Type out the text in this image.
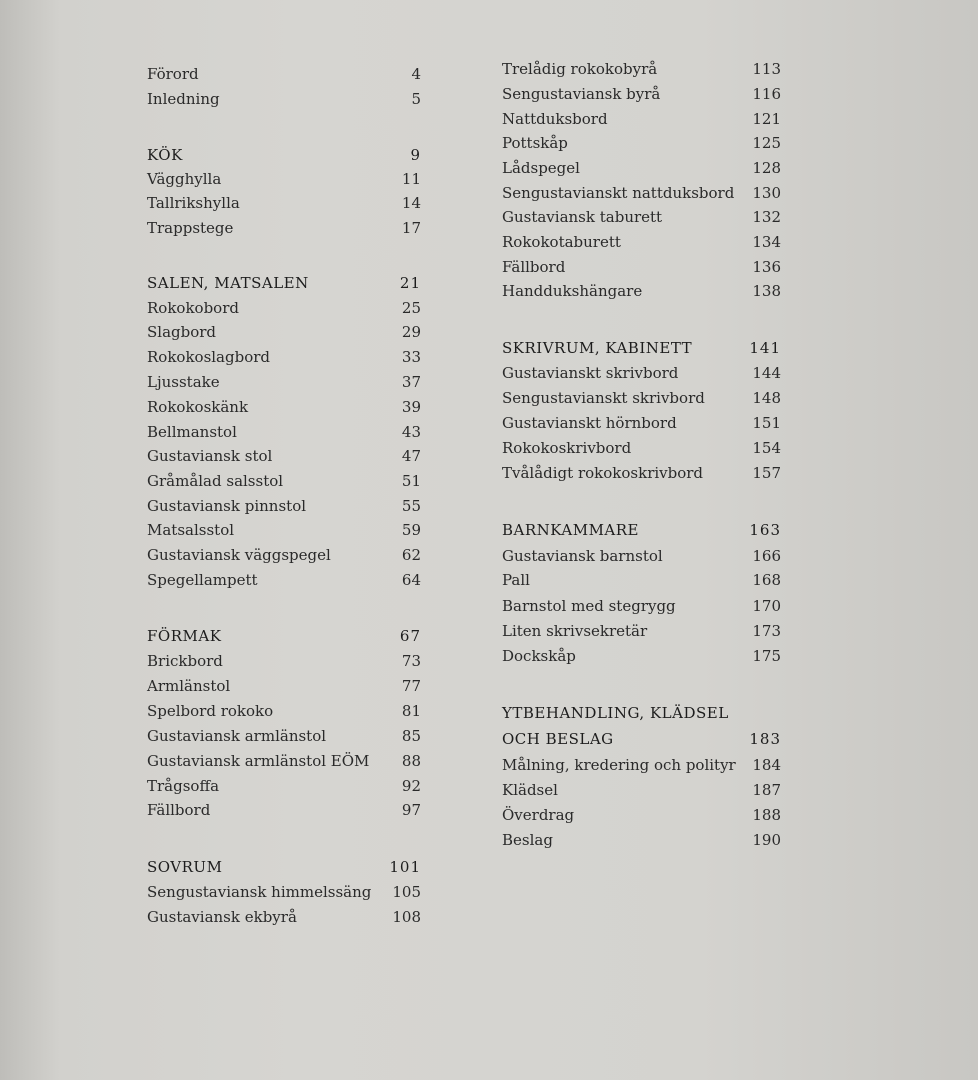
Förord	4
Inledning	5
KÖK	9
Vägghylla	11
Tallrikshylla	14
Trappstege	17
SALEN, MATSALEN	21
Rokokobord	25
Slagbord	29
Rokokoslagbord	33
Ljusstake	37
Rokokoskänk	39
Bellmanstol	43
Gustaviansk stol	47
Gråmålad salsstol	51
Gustaviansk pinnstol	55
Matsalsstol	59
Gustaviansk väggspegel	62
Spegellampett	64
FÖRMAK	67
Brickbord	73
Armlänstol	77
Spelbord rokoko	81
Gustaviansk armlänstol	85
Gustaviansk armlänstol EÖM 88
Trågsoffa	92
Fällbord	97
SOVRUM	101
Sengustaviansk himmelssäng 105
Gustaviansk ekbyrå	108
Trelådig rokokobyrå	113
Sengustaviansk byrå	116
Nattduksbord	121
Pottskåp	125
Lådspegel	128
Sengustavianskt nattduksbord 130
Gustaviansk taburett	132
Rokokotaburett	134
Fällbord	136
Handdukshängare	138
SKRIVRUM, KABINETT	141
Gustavianskt skrivbord	144
Sengustavianskt skrivbord	148
Gustavianskt hörnbord	151
Rokokoskrivbord	154
Tvålådigt rokokoskrivbord	157
BARNKAMMARE	163
Gustaviansk barnstol	166
Pall	168
Barnstol med stegrygg	170
Liten skrivsekretär	173
Dockskåp	175
YTBEHANDLING, KLÄDSEL
OCH BESLAG	183
Målning, kredering och polityr 184
Klädsel	187
Överdrag	188
Beslag	190
